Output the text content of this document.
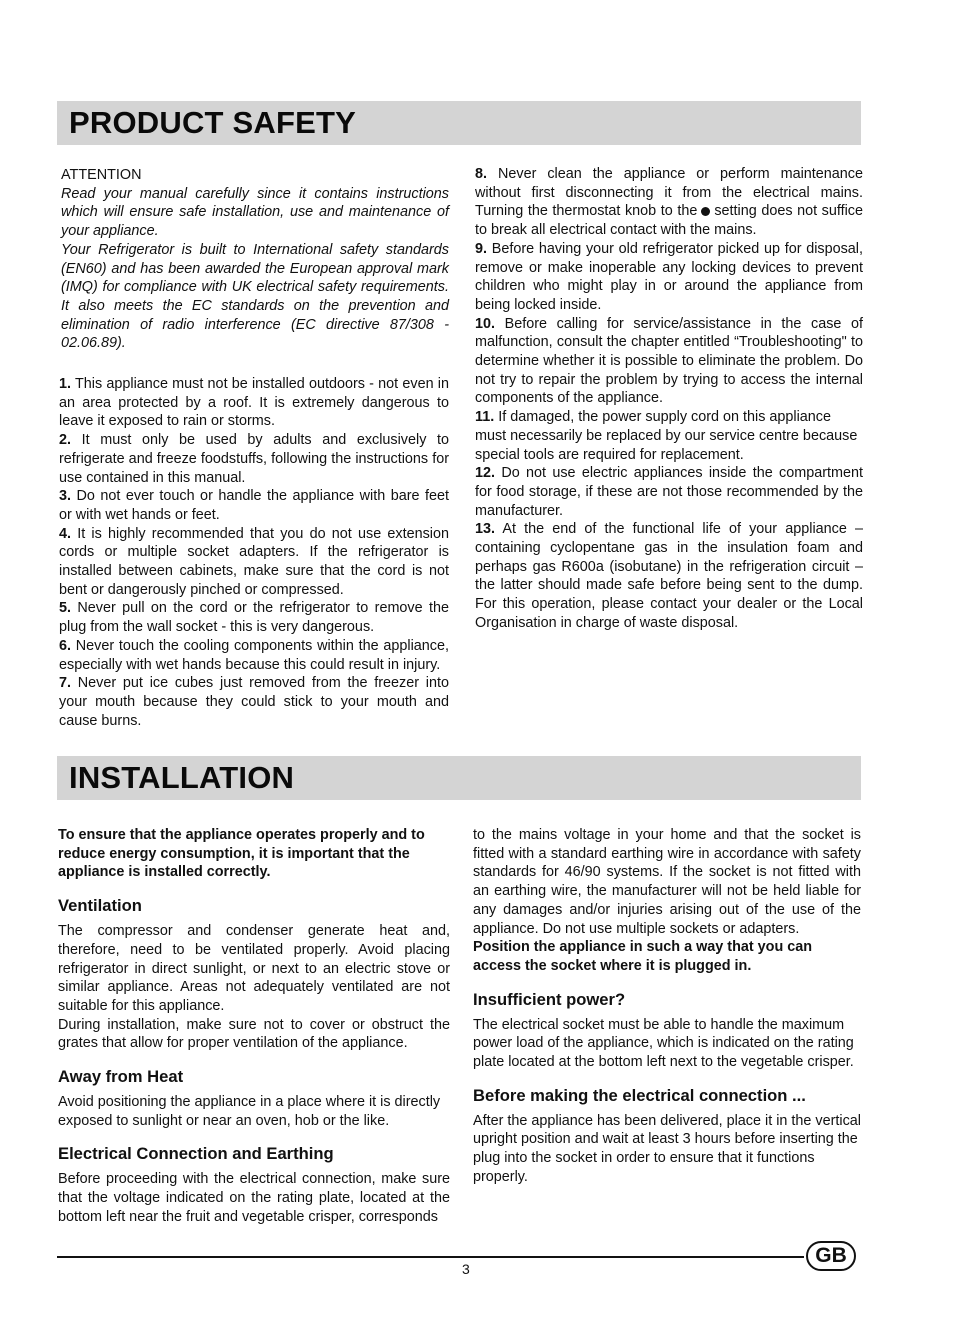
PRODUCT SAFETY

ATTENTION

Read your manual carefully since it contains instructions which will ensure safe installation, use and maintenance of your appliance.

Your Refrigerator is built to International safety standards (EN60) and has been awarded the European approval mark (IMQ) for compliance with UK electrical safety requirements. It also meets the EC standards on the prevention and elimination of radio interference (EC directive 87/308 - 02.06.89).

1. This appliance must not be installed outdoors - not even in an area protected by a roof. It is extremely dangerous to leave it exposed to rain or storms.

2. It must only be used by adults and exclusively to refrigerate and freeze foodstuffs, following the instructions for use contained in this manual.

3. Do not ever touch or handle the appliance with bare feet or with wet hands or feet.

4. It is highly recommended that you do not use extension cords or multiple socket adapters. If the refrigerator is installed between cabinets, make sure that the cord is not bent or dangerously pinched or compressed.

5. Never pull on the cord or the refrigerator to remove the plug from the wall socket - this is very dangerous.

6. Never touch the cooling components within the appliance, especially with wet hands because this could result in injury.

7. Never put ice cubes just removed from the freezer into your mouth because they could stick to your mouth and cause burns.

8. Never clean the appliance or perform maintenance without first disconnecting it from the electrical mains. Turning the thermostat knob to the setting does not suffice to break all electrical contact with the mains.

9. Before having your old refrigerator picked up for disposal, remove or make inoperable any locking devices to prevent children who might play in or around the appliance from being locked inside.

10. Before calling for service/assistance in the case of malfunction, consult the chapter entitled “Troubleshooting" to determine whether it is possible to eliminate the problem. Do not try to repair the problem by trying to access the internal components of the appliance.

11. If damaged, the power supply cord on this appliance must necessarily be replaced by our service centre because special tools are required for replacement.

12. Do not use electric appliances inside the compartment for food storage, if these are not those recommended by the manufacturer.

13. At the end of the functional life of your appliance – containing cyclopentane gas in the insulation foam and perhaps gas R600a (isobutane) in the refrigeration circuit – the latter should made safe before being sent to the dump. For this operation, please contact your dealer or the Local Organisation in charge of waste disposal.

INSTALLATION

To ensure that the appliance operates properly and to reduce energy consumption, it is important that the appliance is installed correctly.

Ventilation

The compressor and condenser generate heat and, therefore, need to be ventilated properly. Avoid placing refrigerator in direct sunlight, or next to an electric stove or similar appliance. Areas not adequately ventilated are not suitable for this appliance.

During installation, make sure not to cover or obstruct the grates that allow for proper ventilation of the appliance.

Away from Heat

Avoid positioning the appliance in a place where it is directly exposed to sunlight or near an oven, hob or the like.

Electrical Connection and Earthing

Before proceeding with the electrical connection, make sure that the voltage indicated on the rating plate, located at the bottom left near the fruit and vegetable crisper, corresponds

to the mains voltage in your home and that the socket is fitted with a standard earthing wire in accordance with safety standards for 46/90 systems. If the socket is not fitted with an earthing wire, the manufacturer will not be held liable for any damages and/or injuries arising out of the use of the appliance. Do not use multiple sockets or adapters.

Position the appliance in such a way that you can access the socket where it is plugged in.

Insufficient power?

The electrical socket must be able to handle the maximum power load of the appliance, which is indicated on the rating plate located at the bottom left next to the vegetable crisper.

Before making the electrical connection ...

After the appliance has been delivered, place it in the vertical upright position and wait at least 3 hours before inserting the plug into the socket in order to ensure that it functions properly.

3
GB
